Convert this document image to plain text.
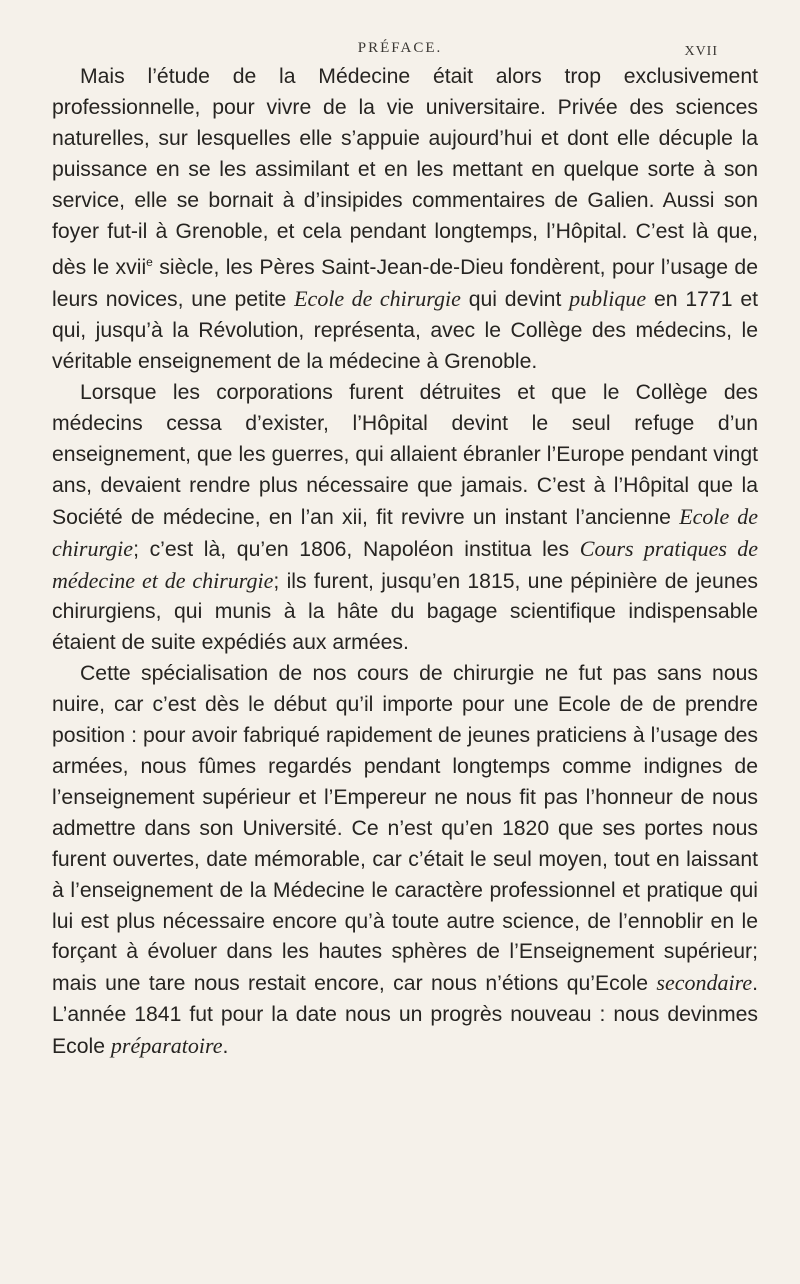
PRÉFACE.	XVII

Mais l’étude de la Médecine était alors trop exclusivement professionnelle, pour vivre de la vie universitaire. Privée des sciences naturelles, sur lesquelles elle s’appuie aujourd’hui et dont elle décuple la puissance en se les assimilant et en les mettant en quelque sorte à son service, elle se bornait à d’insipides commentaires de Galien. Aussi son foyer fut-il à Grenoble, et cela pendant longtemps, l’Hôpital. C’est là que, dès le xvii$^e$ siècle, les Pères Saint-Jean-de-Dieu fondèrent, pour l’usage de leurs novices, une petite Ecole de chirurgie qui devint publique en 1771 et qui, jusqu’à la Révolution, représenta, avec le Collège des médecins, le véritable enseignement de la médecine à Grenoble.

Lorsque les corporations furent détruites et que le Collège des médecins cessa d’exister, l’Hôpital devint le seul refuge d’un enseignement, que les guerres, qui allaient ébranler l’Europe pendant vingt ans, devaient rendre plus nécessaire que jamais. C’est à l’Hôpital que la Société de médecine, en l’an xii, fit revivre un instant l’ancienne Ecole de chirurgie; c’est là, qu’en 1806, Napoléon institua les Cours pratiques de médecine et de chirurgie; ils furent, jusqu’en 1815, une pépinière de jeunes chirurgiens, qui munis à la hâte du bagage scientifique indispensable étaient de suite expédiés aux armées.

Cette spécialisation de nos cours de chirurgie ne fut pas sans nous nuire, car c’est dès le début qu’il importe pour une Ecole de de prendre position : pour avoir fabriqué rapidement de jeunes praticiens à l’usage des armées, nous fûmes regardés pendant longtemps comme indignes de l’enseignement supérieur et l’Empereur ne nous fit pas l’honneur de nous admettre dans son Université. Ce n’est qu’en 1820 que ses portes nous furent ouvertes, date mémorable, car c’était le seul moyen, tout en laissant à l’enseignement de la Médecine le caractère professionnel et pratique qui lui est plus nécessaire encore qu’à toute autre science, de l’ennoblir en le forçant à évoluer dans les hautes sphères de l’Enseignement supérieur; mais une tare nous restait encore, car nous n’étions qu’Ecole secondaire. L’année 1841 fut pour la date nous un progrès nouveau : nous devinmes Ecole préparatoire.
